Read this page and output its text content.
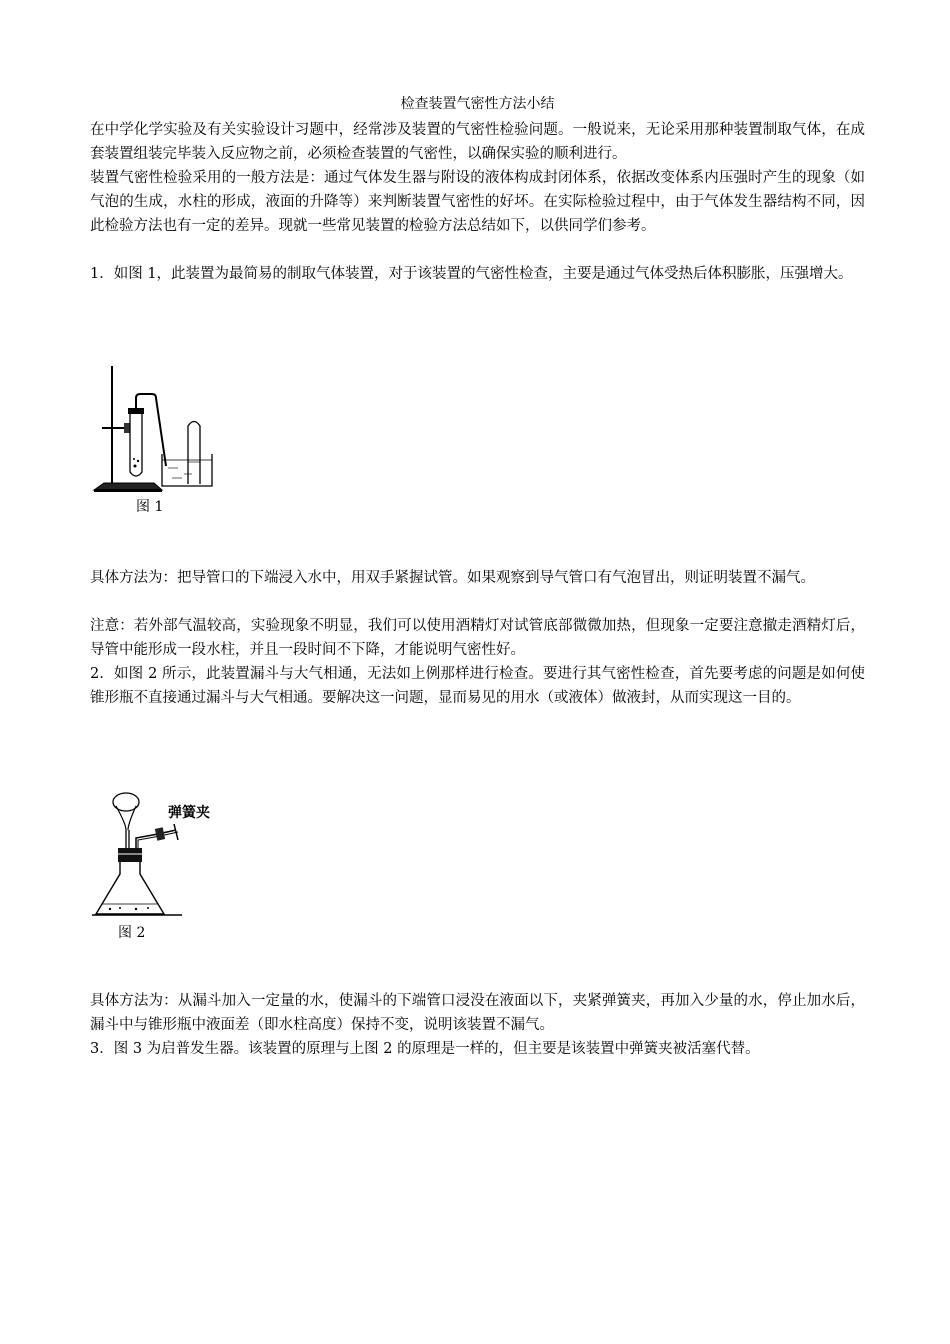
检查装置气密性方法小结

在中学化学实验及有关实验设计习题中，经常涉及装置的气密性检验问题。一般说来，无论采用那种装置制取气体，在成套装置组装完毕装入反应物之前，必须检查装置的气密性，以确保实验的顺利进行。

装置气密性检验采用的一般方法是：通过气体发生器与附设的液体构成封闭体系，依据改变体系内压强时产生的现象（如气泡的生成，水柱的形成，液面的升降等）来判断装置气密性的好坏。在实际检验过程中，由于气体发生器结构不同，因此检验方法也有一定的差异。现就一些常见装置的检验方法总结如下，以供同学们参考。

1．如图 1，此装置为最简易的制取气体装置，对于该装置的气密性检查，主要是通过气体受热后体积膨胀，压强增大。

具体方法为：把导管口的下端浸入水中，用双手紧握试管。如果观察到导气管口有气泡冒出，则证明装置不漏气。

注意：若外部气温较高，实验现象不明显，我们可以使用酒精灯对试管底部微微加热，但现象一定要注意撤走酒精灯后，导管中能形成一段水柱，并且一段时间不下降，才能说明气密性好。

2．如图 2 所示，此装置漏斗与大气相通，无法如上例那样进行检查。要进行其气密性检查，首先要考虑的问题是如何使锥形瓶不直接通过漏斗与大气相通。要解决这一问题，显而易见的用水（或液体）做液封，从而实现这一目的。

具体方法为：从漏斗加入一定量的水，使漏斗的下端管口浸没在液面以下，夹紧弹簧夹，再加入少量的水，停止加水后，漏斗中与锥形瓶中液面差（即水柱高度）保持不变，说明该装置不漏气。

3．图 3 为启普发生器。该装置的原理与上图 2 的原理是一样的，但主要是该装置中弹簧夹被活塞代替。

图 1
弹簧夹
图 2
